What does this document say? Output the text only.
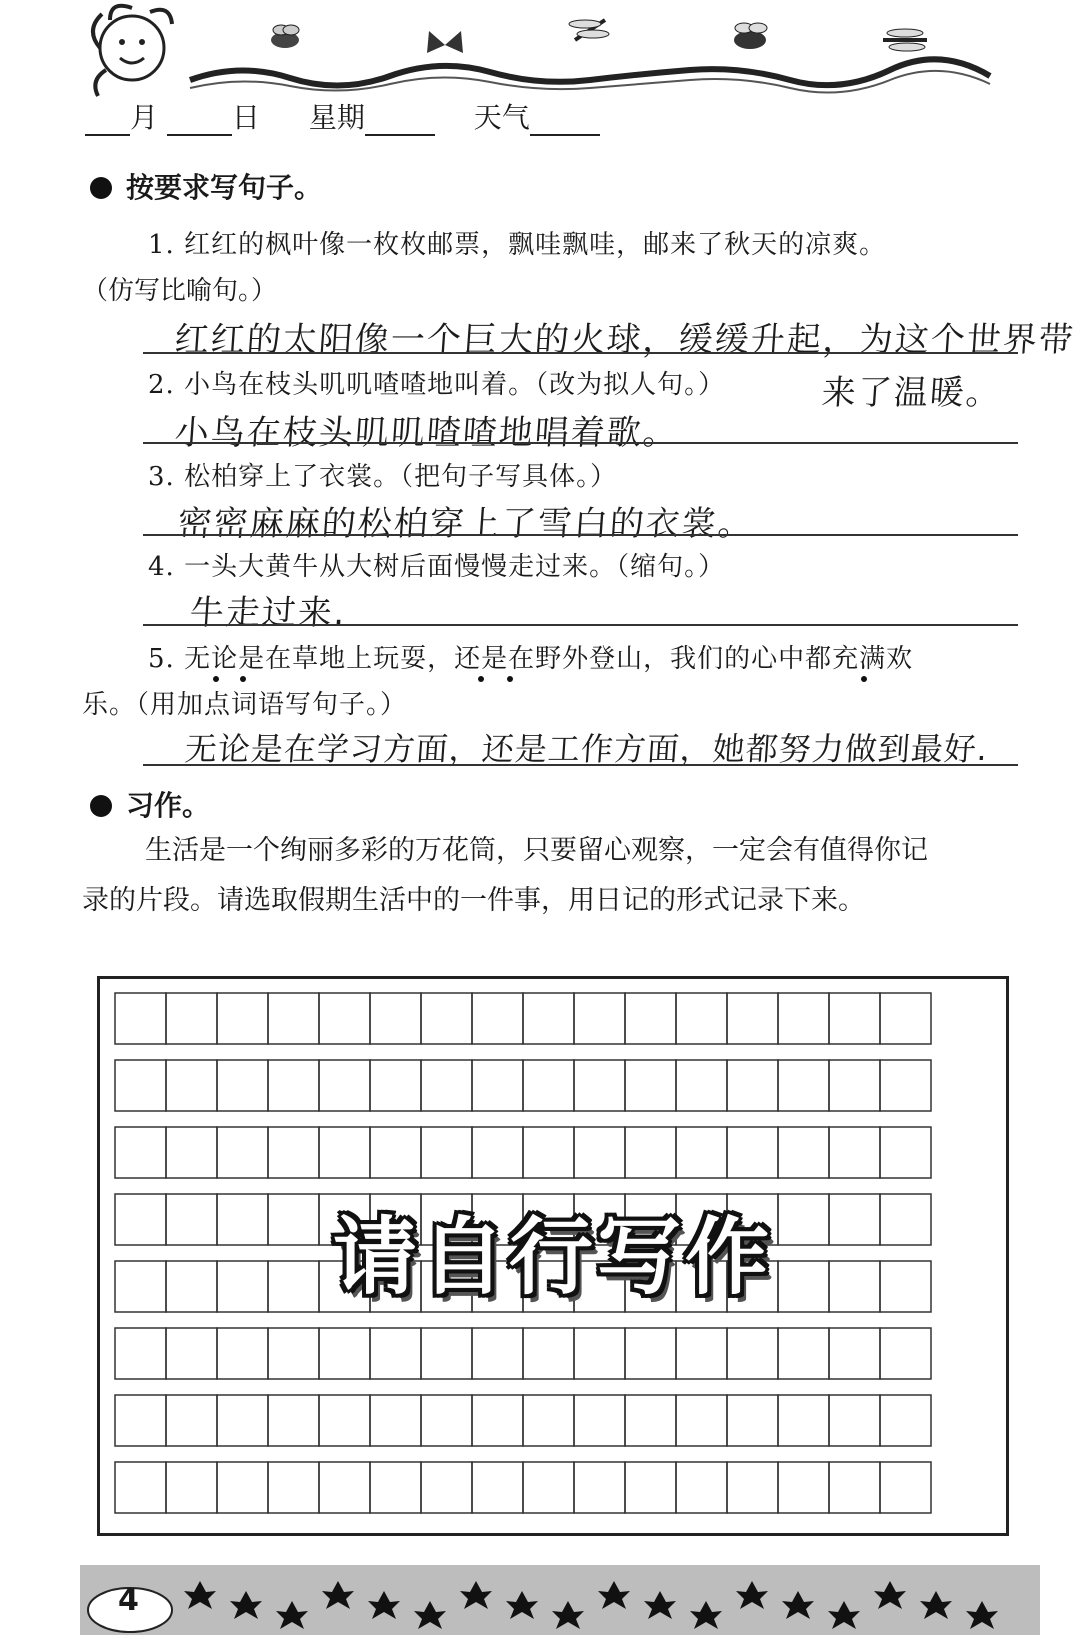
月	日 星期	天气
按要求写句子。
1. 红红的枫叶像一枚枚邮票，飘哇飘哇，邮来了秋天的凉爽。
（仿写比喻句。）
红红的太阳像一个巨大的火球，缓缓升起，为这个世界带
2. 小鸟在枝头叽叽喳喳地叫着。（改为拟人句。）	来了温暖。
小鸟在枝头叽叽喳喳地唱着歌。
3. 松柏穿上了衣裳。（把句子写具体。）
密密麻麻的松柏穿上了雪白的衣裳。
4. 一头大黄牛从大树后面慢慢走过来。（缩句。）
牛走过来.
5. 无论是在草地上玩耍，还是在野外登山，我们的心中都充满欢
乐。（用加点词语写句子。）
无论是在学习方面，还是工作方面，她都努力做到最好.
习作。
生活是一个绚丽多彩的万花筒，只要留心观察，一定会有值得你记
录的片段。请选取假期生活中的一件事，用日记的形式记录下来。
请自行写作
4
